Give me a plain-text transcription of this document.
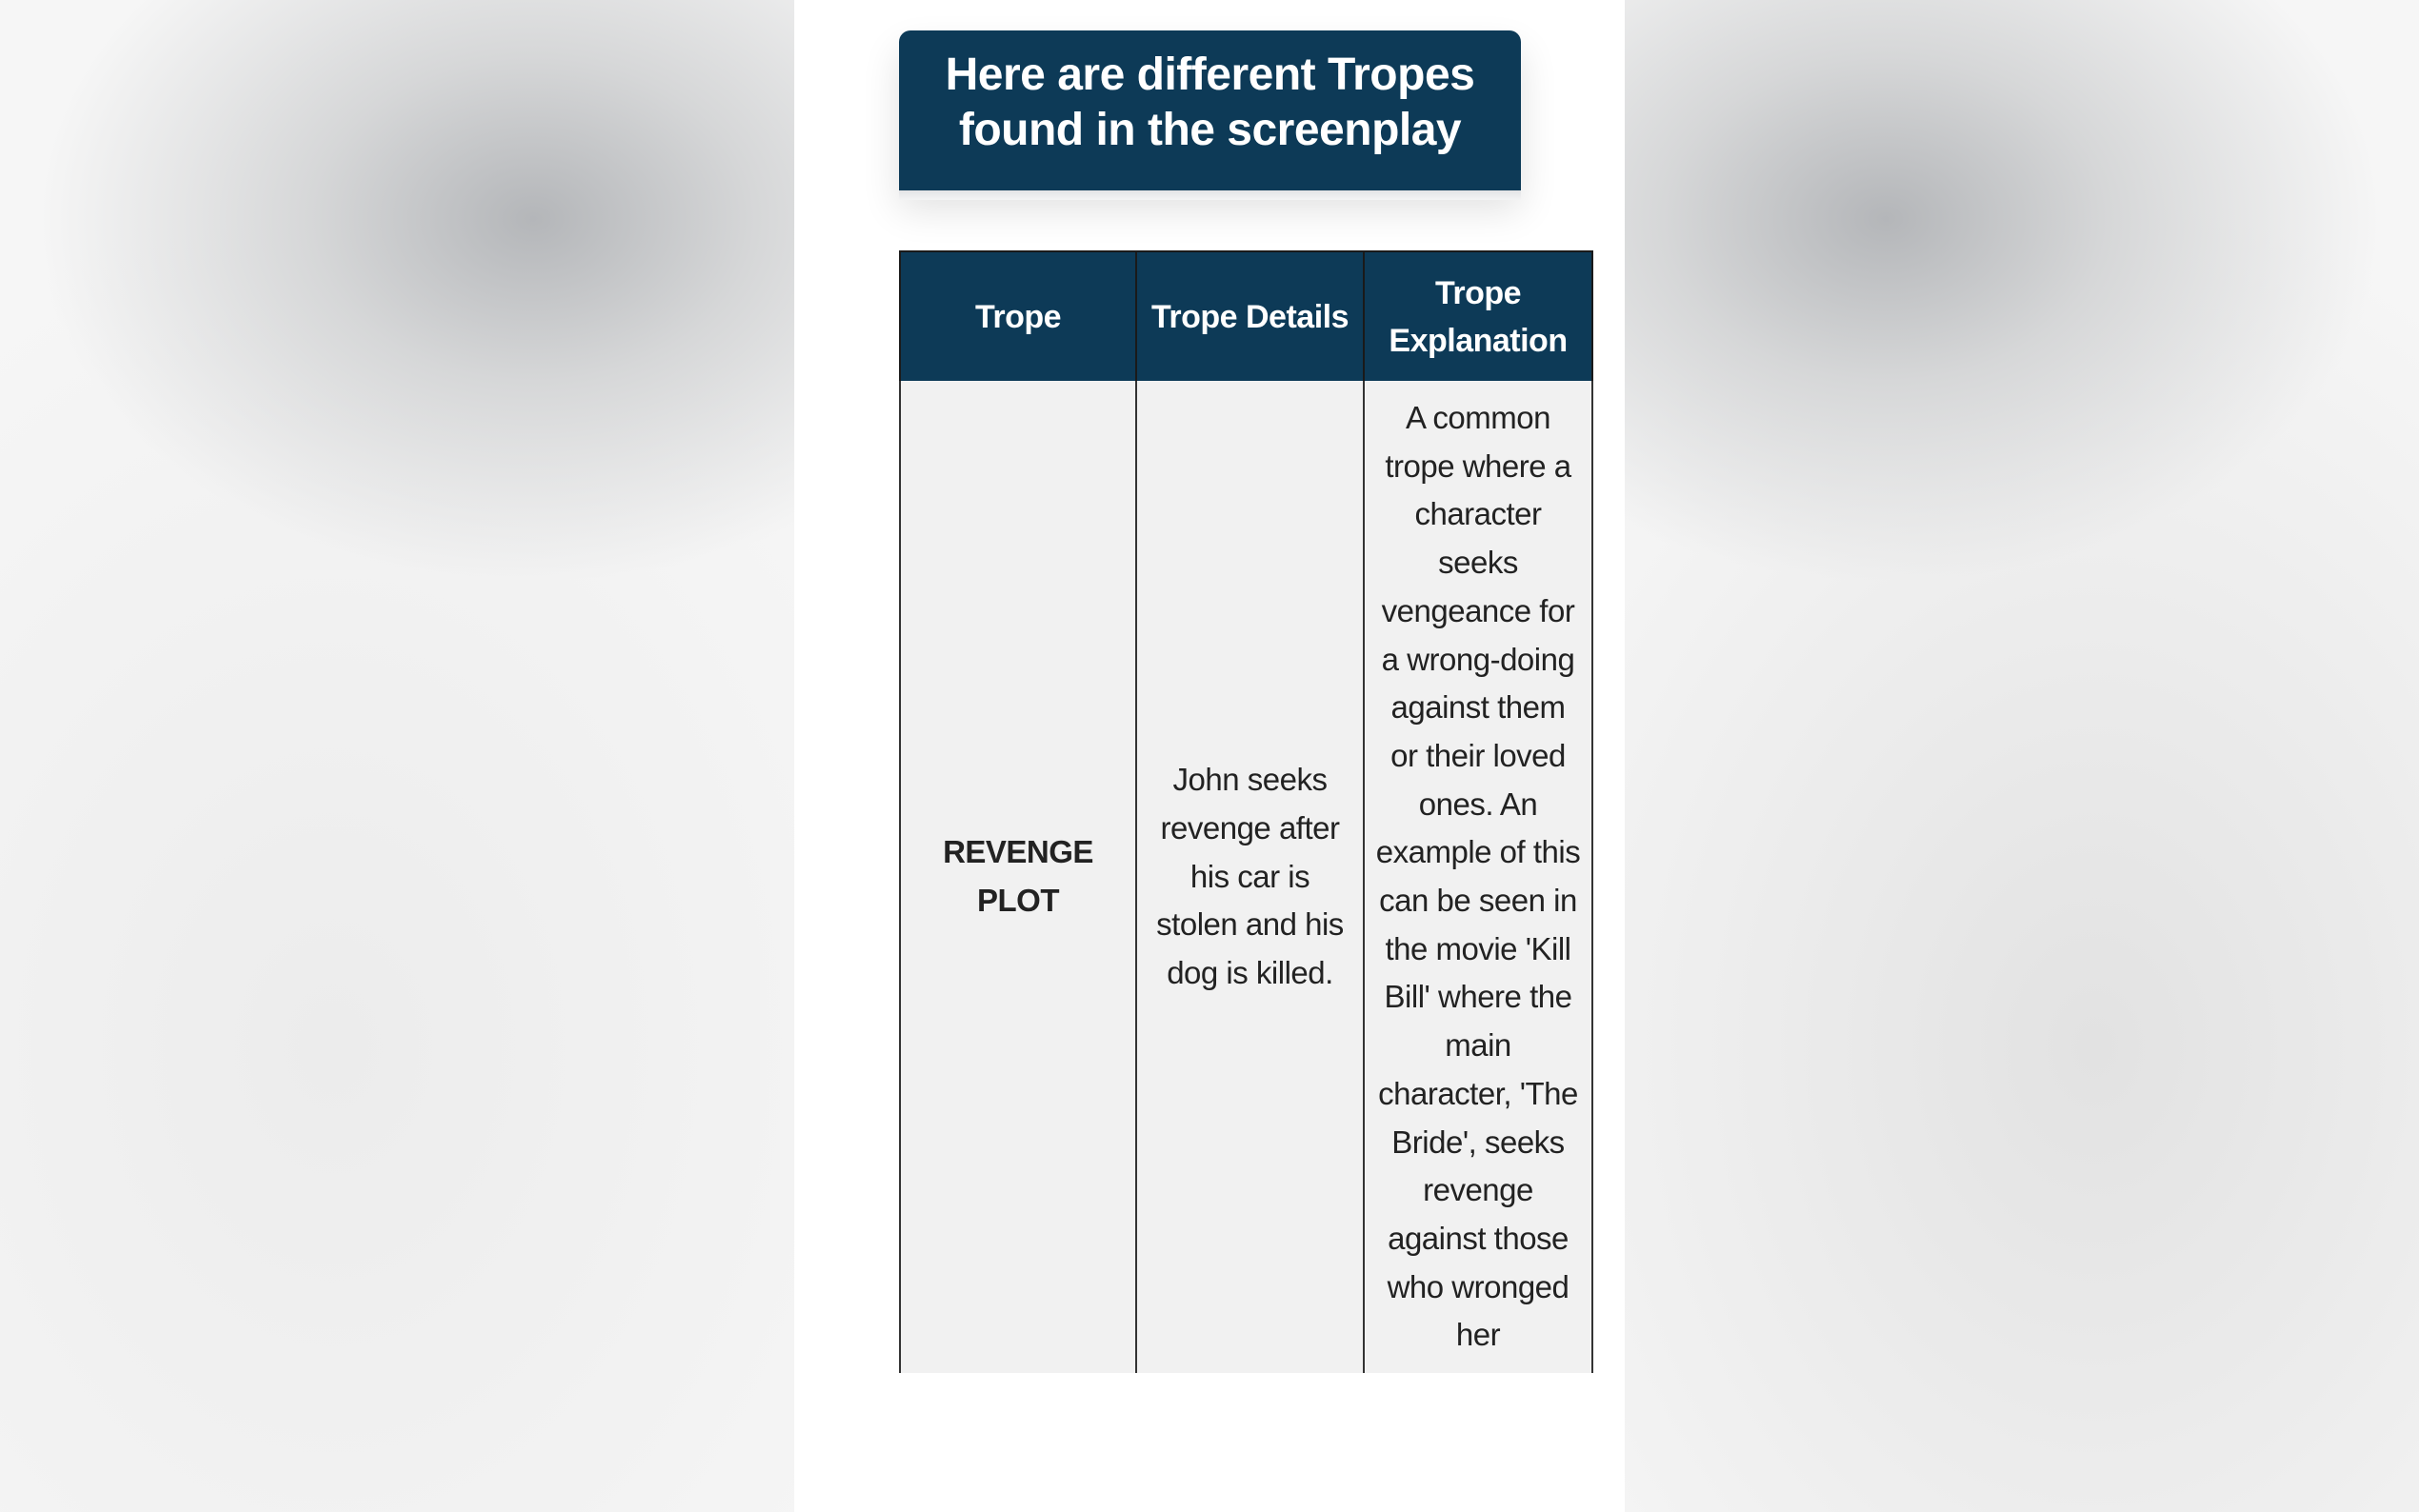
Here are different Tropes found in the screenplay
Trope	Trope Details	Trope Explanation
REVENGE PLOT	John seeks revenge after his car is stolen and his dog is killed.	A common trope where a character seeks vengeance for a wrong-doing against them or their loved ones. An example of this can be seen in the movie 'Kill Bill' where the main character, 'The Bride', seeks revenge against those who wronged her
